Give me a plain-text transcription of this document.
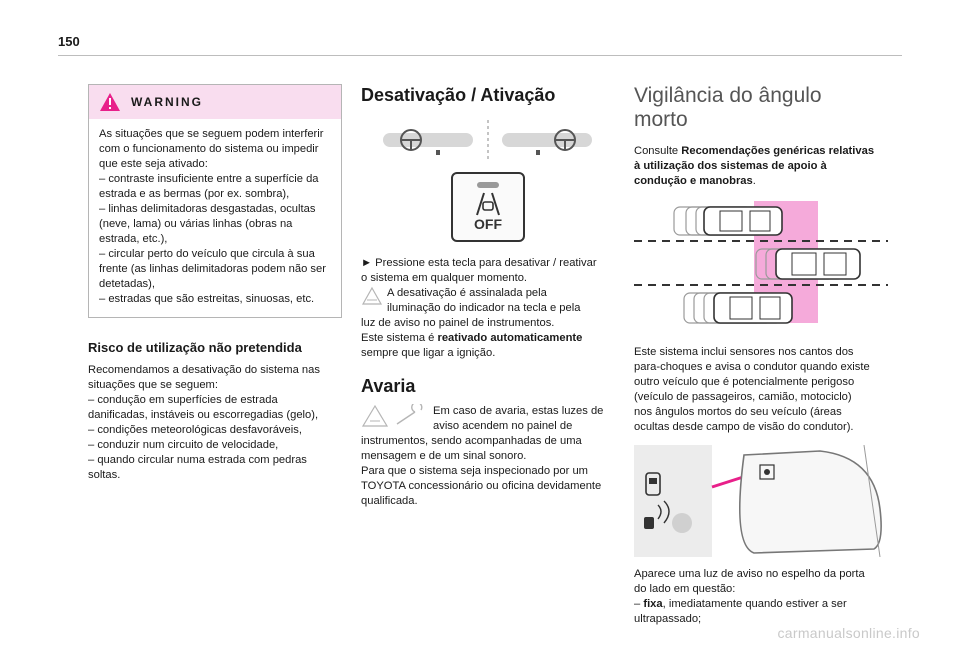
150
WARNING
As situações que se seguem podem interferir
com o funcionamento do sistema ou impedir
que este seja ativado:
– contraste insuficiente entre a superfície da
estrada e as bermas (por ex. sombra),
– linhas delimitadoras desgastadas, ocultas
(neve, lama) ou várias linhas (obras na
estrada, etc.),
– circular perto do veículo que circula à sua
frente (as linhas delimitadoras podem não ser
detetadas),
– estradas que são estreitas, sinuosas, etc.
Risco de utilização não pretendida
Recomendamos a desativação do sistema nas
situações que se seguem:
– condução em superfícies de estrada
danificadas, instáveis ou escorregadias (gelo),
– condições meteorológicas desfavoráveis,
– conduzir num circuito de velocidade,
– quando circular numa estrada com pedras
soltas.
Desativação / Ativação
OFF
► Pressione esta tecla para desativar / reativar
o sistema em qualquer momento.
A desativação é assinalada pela
iluminação do indicador na tecla e pela
luz de aviso no painel de instrumentos.
Este sistema é reativado automaticamente
sempre que ligar a ignição.
Avaria
Em caso de avaria, estas luzes de
aviso acendem no painel de
instrumentos, sendo acompanhadas de uma
mensagem e de um sinal sonoro.
Para que o sistema seja inspecionado por um
TOYOTA concessionário ou oficina devidamente
qualificada.
Vigilância do ângulo
morto
Consulte Recomendações genéricas relativas
à utilização dos sistemas de apoio à
condução e manobras.
Este sistema inclui sensores nos cantos dos
para-choques e avisa o condutor quando existe
outro veículo que é potencialmente perigoso
(veículo de passageiros, camião, motociclo)
nos ângulos mortos do seu veículo (áreas
ocultas desde campo de visão do condutor).
Aparece uma luz de aviso no espelho da porta
do lado em questão:
– fixa, imediatamente quando estiver a ser
ultrapassado;
carmanualsonline.info
